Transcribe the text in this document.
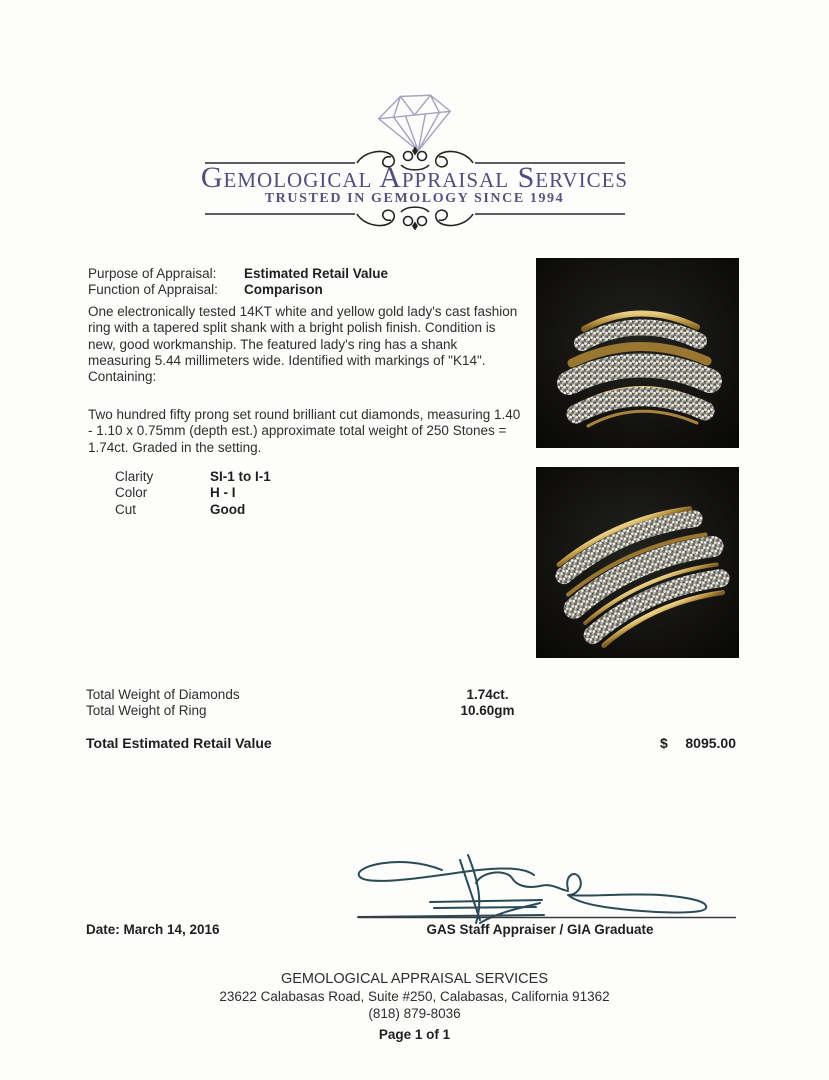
Gemological Appraisal Services
TRUSTED IN GEMOLOGY SINCE 1994
Purpose of Appraisal:	Estimated Retail Value
Function of Appraisal:	Comparison
One electronically tested 14KT white and yellow gold lady's cast fashion ring with a tapered split shank with a bright polish finish. Condition is new, good workmanship. The featured lady's ring has a shank measuring 5.44 millimeters wide. Identified with markings of "K14". Containing:
Two hundred fifty prong set round brilliant cut diamonds, measuring 1.40 - 1.10 x 0.75mm (depth est.) approximate total weight of 250 Stones = 1.74ct. Graded in the setting.
Clarity	SI-1 to I-1
Color	H - I
Cut	Good
Total Weight of Diamonds	1.74ct.
Total Weight of Ring	10.60gm
Total Estimated Retail Value	$	8095.00
Date: March 14, 2016	GAS Staff Appraiser / GIA Graduate
GEMOLOGICAL APPRAISAL SERVICES
23622 Calabasas Road, Suite #250, Calabasas, California 91362
(818) 879-8036
Page 1 of 1
